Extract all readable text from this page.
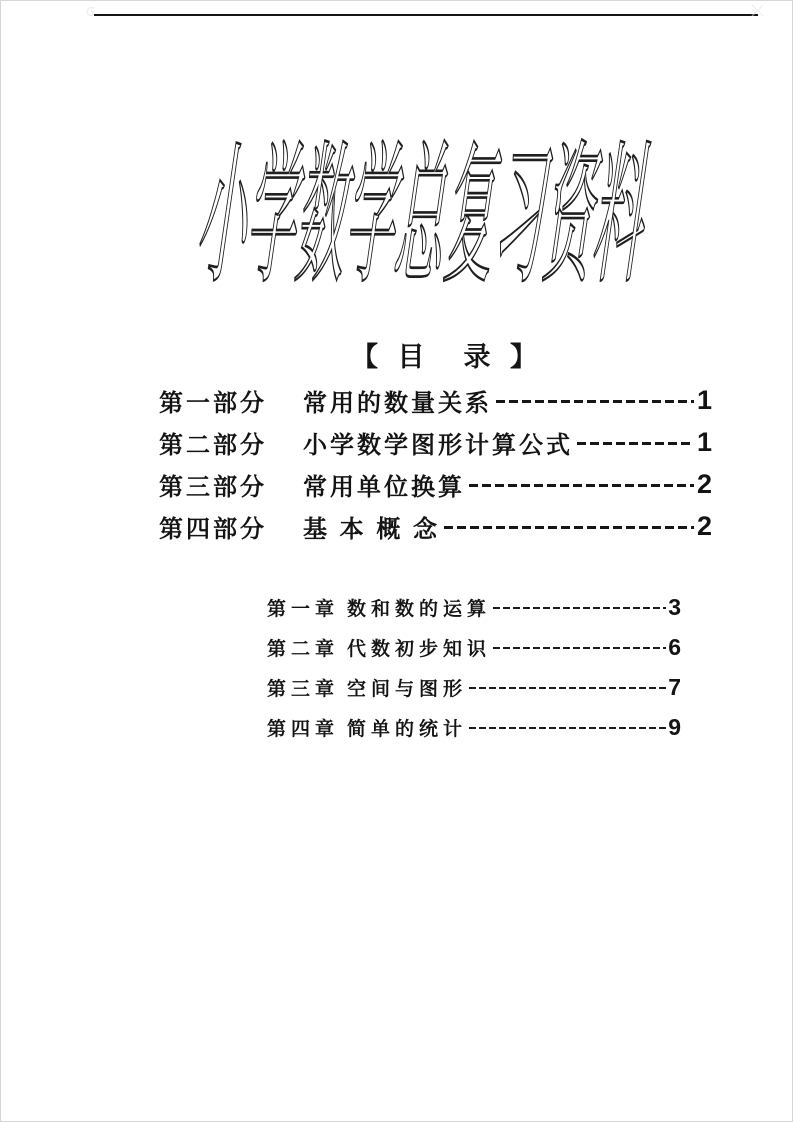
小学数学总复习资料
【 目　录 】
第一部分 常用的数量关系	1
第二部分 小学数学图形计算公式	1
第三部分 常用单位换算	2
第四部分 基 本 概 念	2
第一章 数和数的运算	3
第二章 代数初步知识	6
第三章 空间与图形	7
第四章 简单的统计	9
